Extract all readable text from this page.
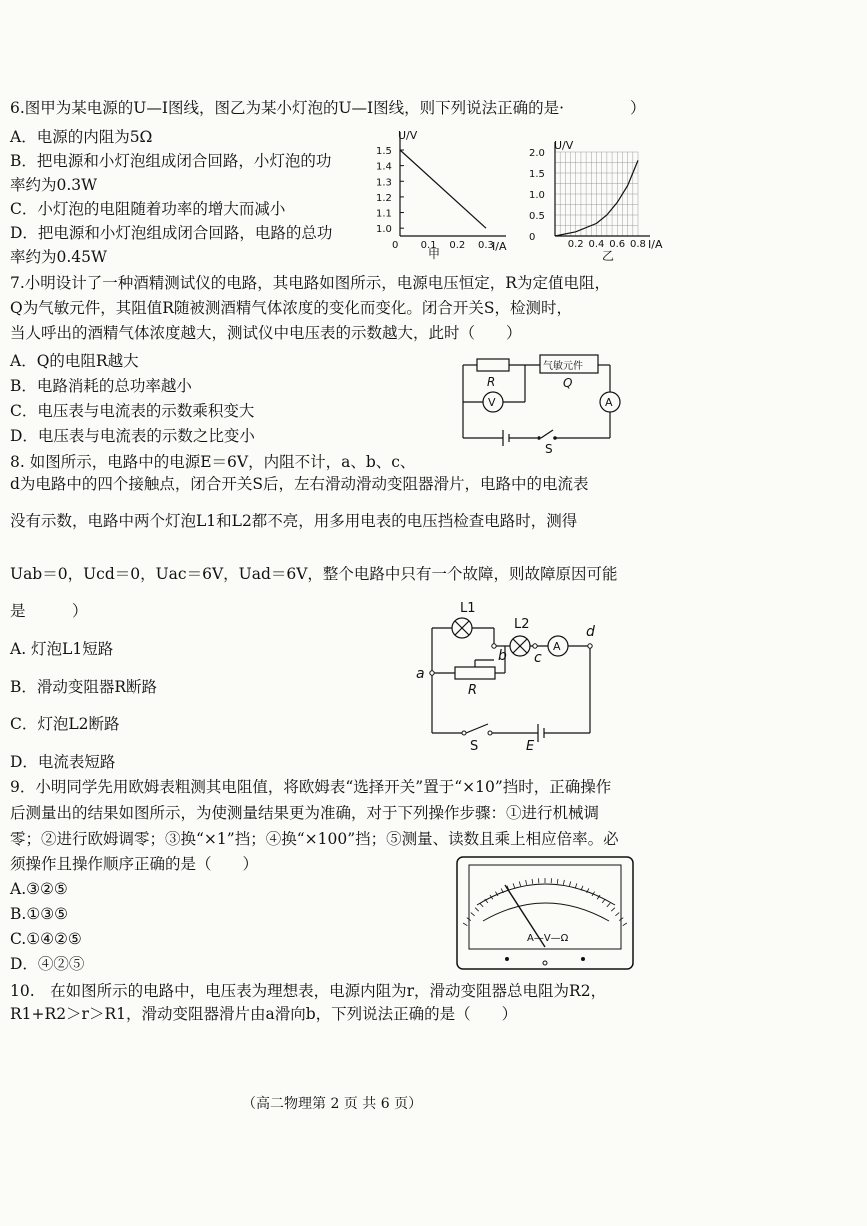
6.图甲为某电源的U—I图线，图乙为某小灯泡的U—I图线，则下列说法正确的是·	）
A．电源的内阻为5Ω
B．把电源和小灯泡组成闭合回路，小灯泡的功
率约为0.3W
C．小灯泡的电阻随着功率的增大而减小
D．把电源和小灯泡组成闭合回路，电路的总功
率约为0.45W
U/V
I/A
1.5
1.4
1.3
1.2
1.1
1.0
0 0.1 0.2 0.3
甲
U/V
I/A
2.0
1.5
1.0
0.5
0
0.2 0.4 0.6 0.8
乙
7.小明设计了一种酒精测试仪的电路，其电路如图所示，电源电压恒定，R为定值电阻，
Q为气敏元件，其阻值R随被测酒精气体浓度的变化而变化。闭合开关S，检测时，
当人呼出的酒精气体浓度越大，测试仪中电压表的示数越大，此时（　　）
A．Q的电阻R越大
B．电路消耗的总功率越小
C．电压表与电流表的示数乘积变大
D．电压表与电流表的示数之比变小
R
气敏元件
Q
V	A
S
8. 如图所示，电路中的电源E＝6V，内阻不计，a、b、c、
d为电路中的四个接触点，闭合开关S后，左右滑动滑动变阻器滑片，电路中的电流表
没有示数，电路中两个灯泡L1和L2都不亮，用多用电表的电压挡检查电路时，测得
Uab＝0，Ucd＝0，Uac＝6V，Uad＝6V，整个电路中只有一个故障，则故障原因可能
是　　　）
A. 灯泡L1短路
B．滑动变阻器R断路
C．灯泡L2断路
D．电流表短路
L1
L2
A
R
S	E
a
b c
d
9．小明同学先用欧姆表粗测其电阻值，将欧姆表“选择开关”置于“×10”挡时，正确操作
后测量出的结果如图所示，为使测量结果更为准确，对于下列操作步骤：①进行机械调
零；②进行欧姆调零；③换“×1”挡；④换“×100”挡；⑤测量、读数且乘上相应倍率。必
须操作且操作顺序正确的是（　　）
A.③②⑤
B.①③⑤
C.①④②⑤
D．④②⑤
A—V—Ω
10.　在如图所示的电路中，电压表为理想表，电源内阻为r，滑动变阻器总电阻为R2，
R1+R2＞r＞R1，滑动变阻器滑片由a滑向b，下列说法正确的是（　　）
（高二物理第 2 页 共 6 页）
